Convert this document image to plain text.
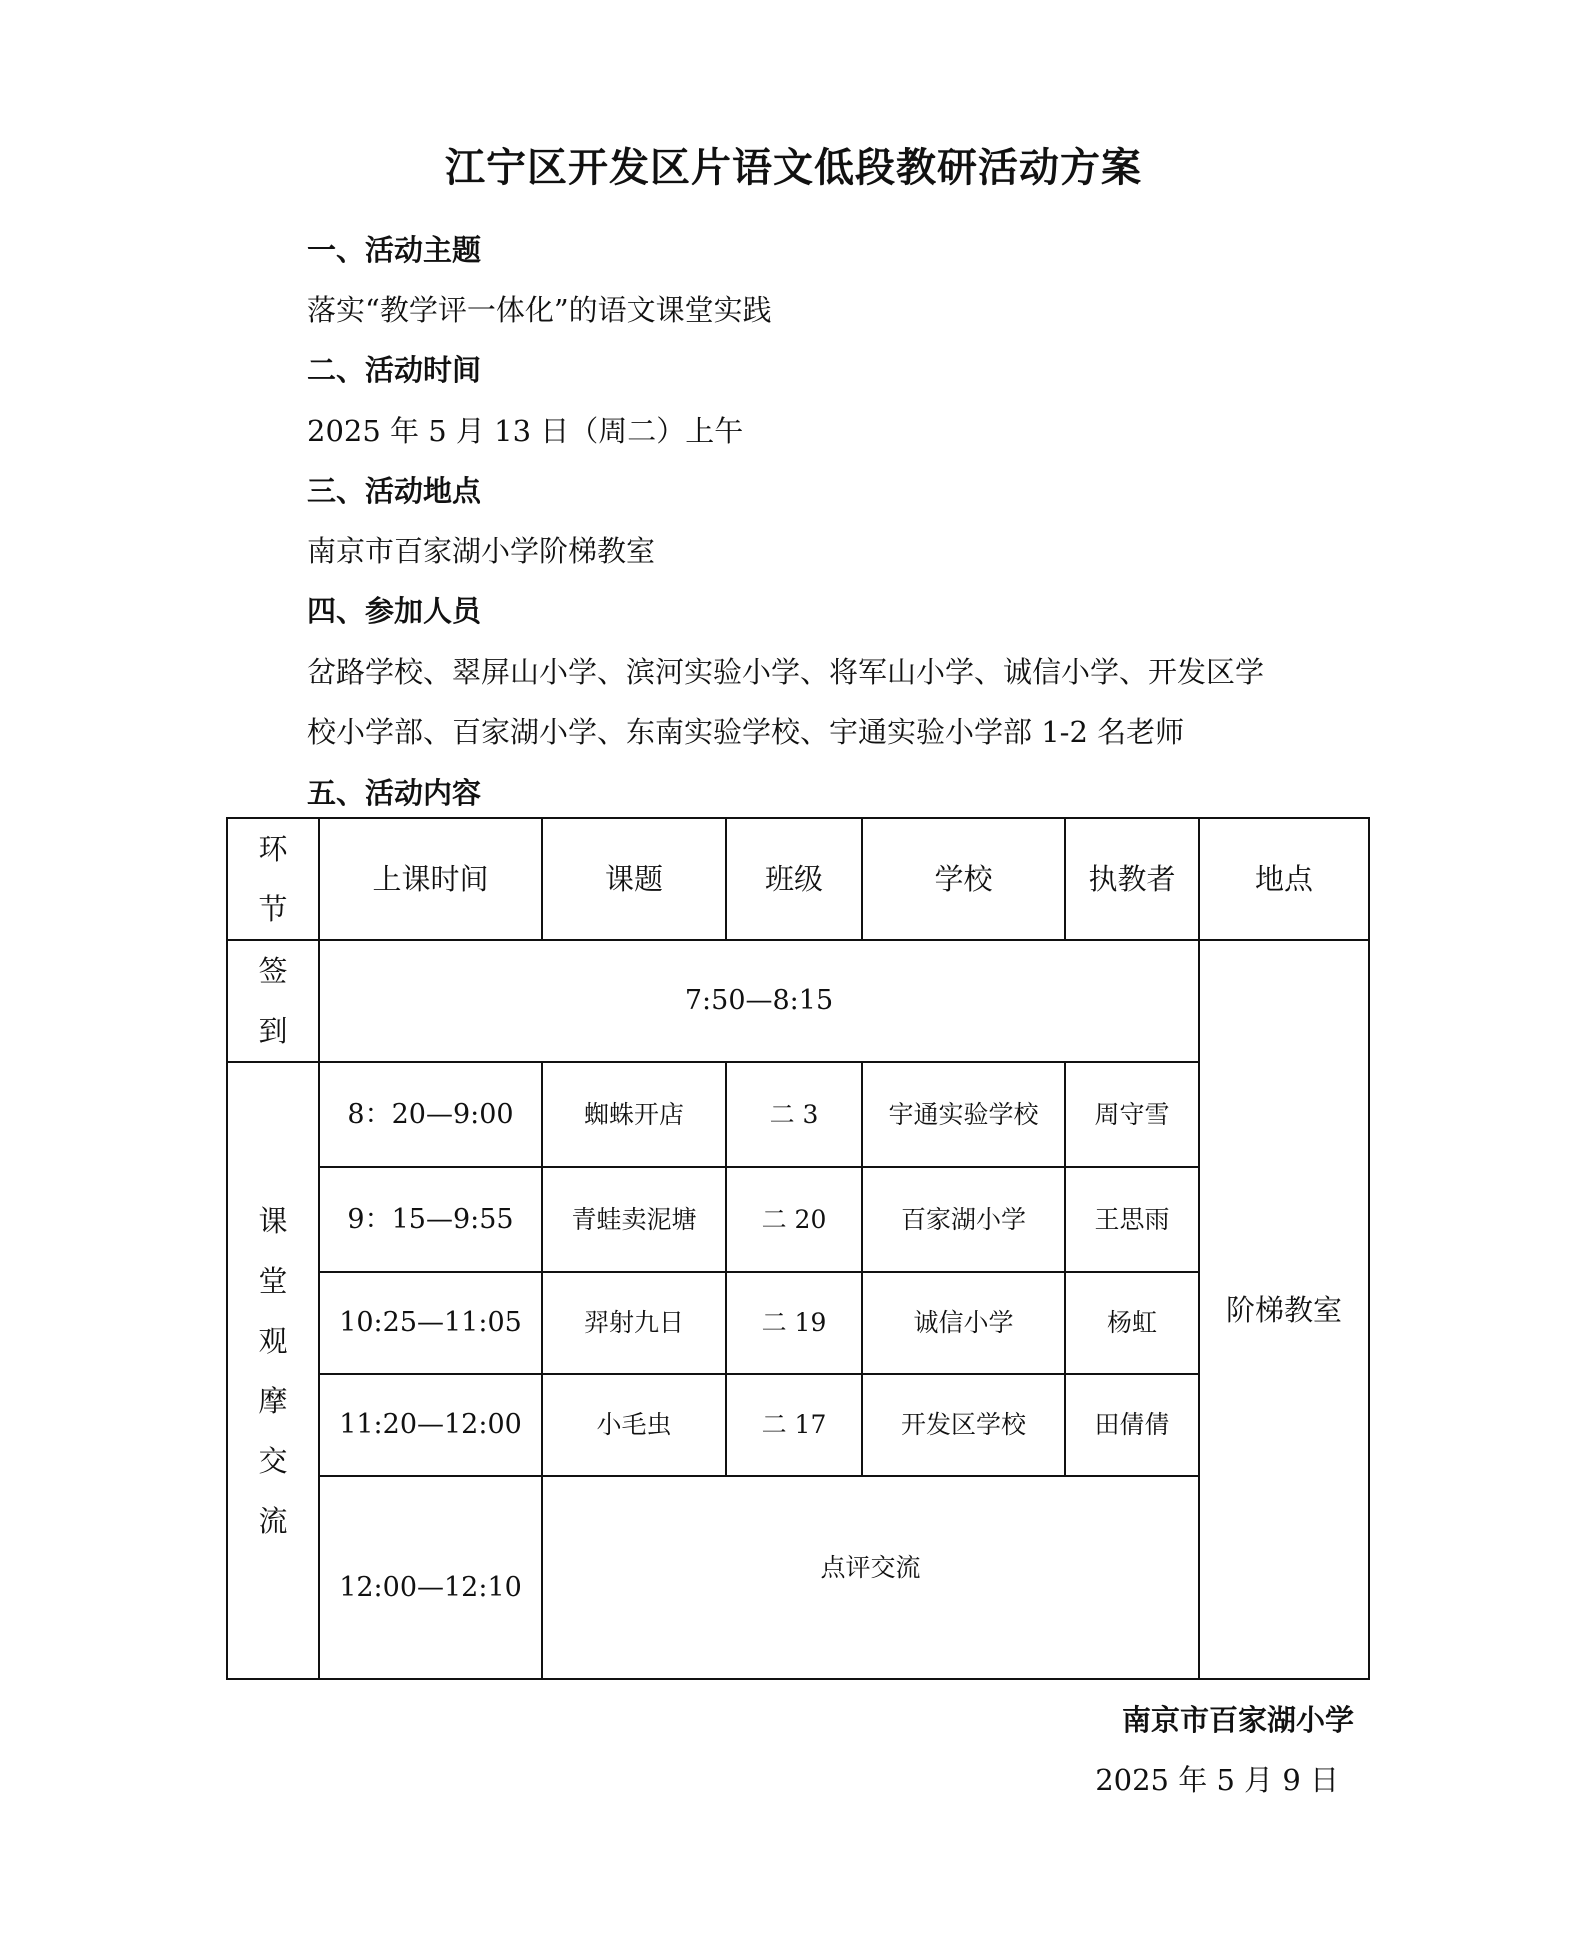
江宁区开发区片语文低段教研活动方案
一、活动主题
落实“教学评一体化”的语文课堂实践
二、活动时间
2025 年 5 月 13 日（周二）上午
三、活动地点
南京市百家湖小学阶梯教室
四、参加人员
岔路学校、翠屏山小学、滨河实验小学、将军山小学、诚信小学、开发区学
校小学部、百家湖小学、东南实验学校、宇通实验小学部 1-2 名老师
五、活动内容
环节	上课时间	课题	班级	学校	执教者	地点
签到	7:50—8:15					阶梯教室
课堂观摩交流	8：20—9:00	蜘蛛开店	二 3	宇通实验学校	周守雪	
	9：15—9:55	青蛙卖泥塘	二 20	百家湖小学	王思雨	
	10:25—11:05	羿射九日	二 19	诚信小学	杨虹	
	11:20—12:00	小毛虫	二 17	开发区学校	田倩倩	
	12:00—12:10	点评交流				
南京市百家湖小学
2025 年 5 月 9 日
